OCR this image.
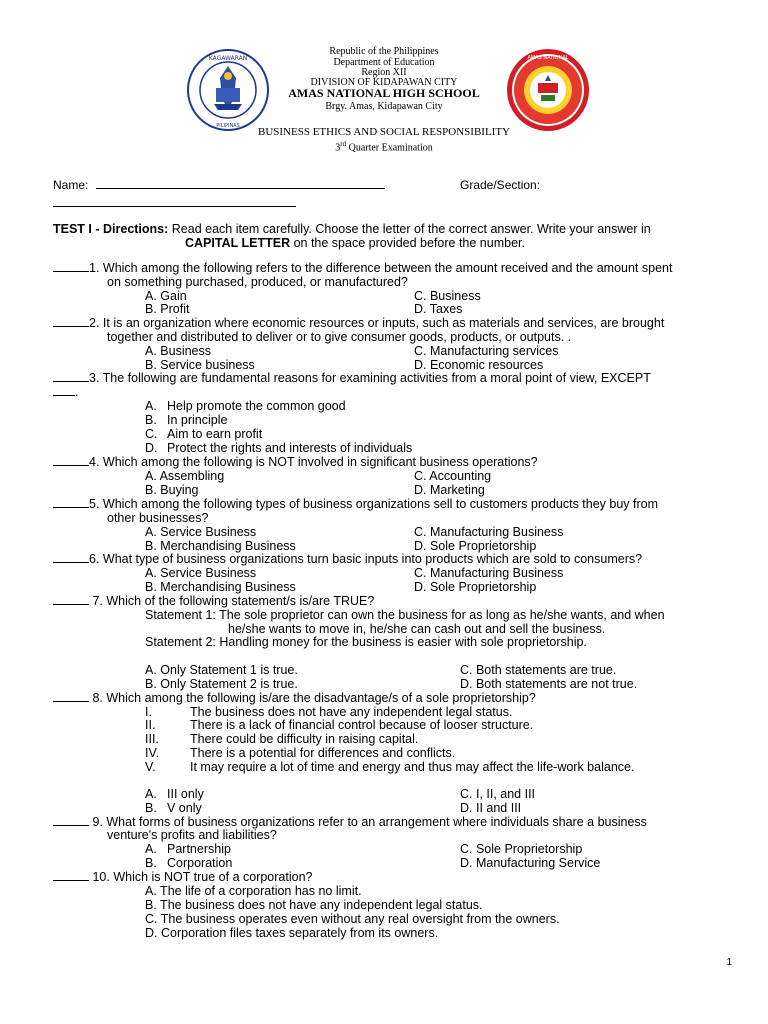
KAGAWARAN
PILIPINAS
AMAS NATIONAL
Republic of the Philippines
Department of Education
Region XII
DIVISION OF KIDAPAWAN CITY
AMAS NATIONAL HIGH SCHOOL
Brgy. Amas, Kidapawan City
BUSINESS ETHICS AND SOCIAL RESPONSIBILITY
3rd Quarter Examination
Name:	Grade/Section:
TEST I - Directions: Read each item carefully. Choose the letter of the correct answer. Write your answer in
CAPITAL LETTER on the space provided before the number.
1. Which among the following refers to the difference between the amount received and the amount spent
on something purchased, produced, or manufactured?
A. Gain	C. Business
B. Profit	D. Taxes
2. It is an organization where economic resources or inputs, such as materials and services, are brought
together and distributed to deliver or to give consumer goods, products, or outputs. .
A. Business	C. Manufacturing services
B. Service business	D. Economic resources
3. The following are fundamental reasons for examining activities from a moral point of view, EXCEPT
.
A. Help promote the common good
B. In principle
C. Aim to earn profit
D. Protect the rights and interests of individuals
4. Which among the following is NOT involved in significant business operations?
A. Assembling	C. Accounting
B. Buying	D. Marketing
5. Which among the following types of business organizations sell to customers products they buy from
other businesses?
A. Service Business	C. Manufacturing Business
B. Merchandising Business	D. Sole Proprietorship
6. What type of business organizations turn basic inputs into products which are sold to consumers?
A. Service Business	C. Manufacturing Business
B. Merchandising Business	D. Sole Proprietorship
7. Which of the following statement/s is/are TRUE?
Statement 1: The sole proprietor can own the business for as long as he/she wants, and when
he/she wants to move in, he/she can cash out and sell the business.
Statement 2: Handling money for the business is easier with sole proprietorship.
A. Only Statement 1 is true.	C. Both statements are true.
B. Only Statement 2 is true.	D. Both statements are not true.
8. Which among the following is/are the disadvantage/s of a sole proprietorship?
I.	The business does not have any independent legal status.
II.	There is a lack of financial control because of looser structure.
III. There could be difficulty in raising capital.
IV. There is a potential for differences and conflicts.
V.	It may require a lot of time and energy and thus may affect the life-work balance.
A. III only	C. I, II, and III
B. V only	D. II and III
9. What forms of business organizations refer to an arrangement where individuals share a business
venture's profits and liabilities?
A. Partnership	C. Sole Proprietorship
B. Corporation	D. Manufacturing Service
10. Which is NOT true of a corporation?
A. The life of a corporation has no limit.
B. The business does not have any independent legal status.
C. The business operates even without any real oversight from the owners.
D. Corporation files taxes separately from its owners.
1
